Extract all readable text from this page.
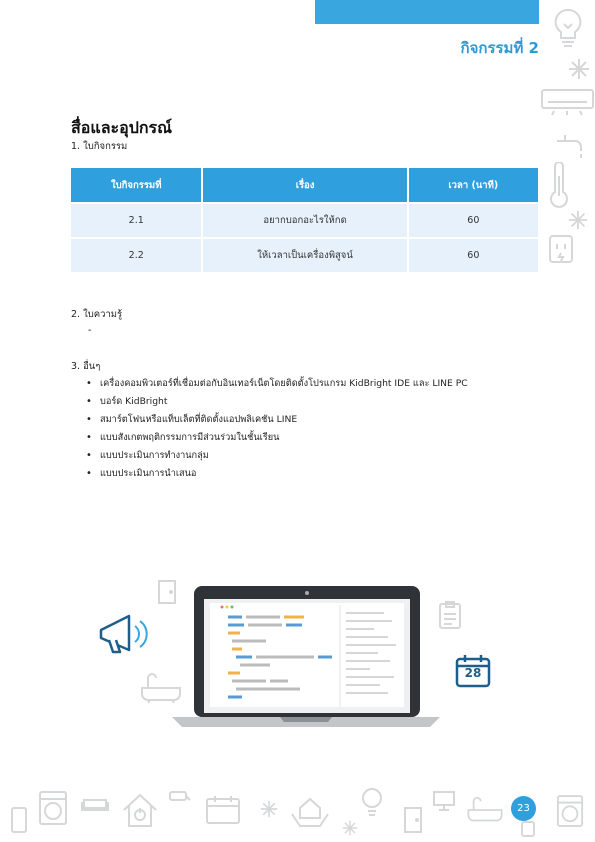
กิจกรรมที่ 2
สื่อและอุปกรณ์
1. ใบกิจกรรม
ใบกิจกรรมที่	เรื่อง	เวลา (นาที)
2.1	อยากบอกอะไรให้กด	60
2.2	ให้เวลาเป็นเครื่องพิสูจน์	60
2. ใบความรู้
-
3. อื่นๆ
• เครื่องคอมพิวเตอร์ที่เชื่อมต่อกับอินเทอร์เน็ตโดยติดตั้งโปรแกรม KidBright IDE และ LINE PC
• บอร์ด KidBright
• สมาร์ตโฟนหรือแท็บเล็ตที่ติดตั้งแอปพลิเคชัน LINE
• แบบสังเกตพฤติกรรมการมีส่วนร่วมในชั้นเรียน
• แบบประเมินการทำงานกลุ่ม
• แบบประเมินการนำเสนอ
28
23
